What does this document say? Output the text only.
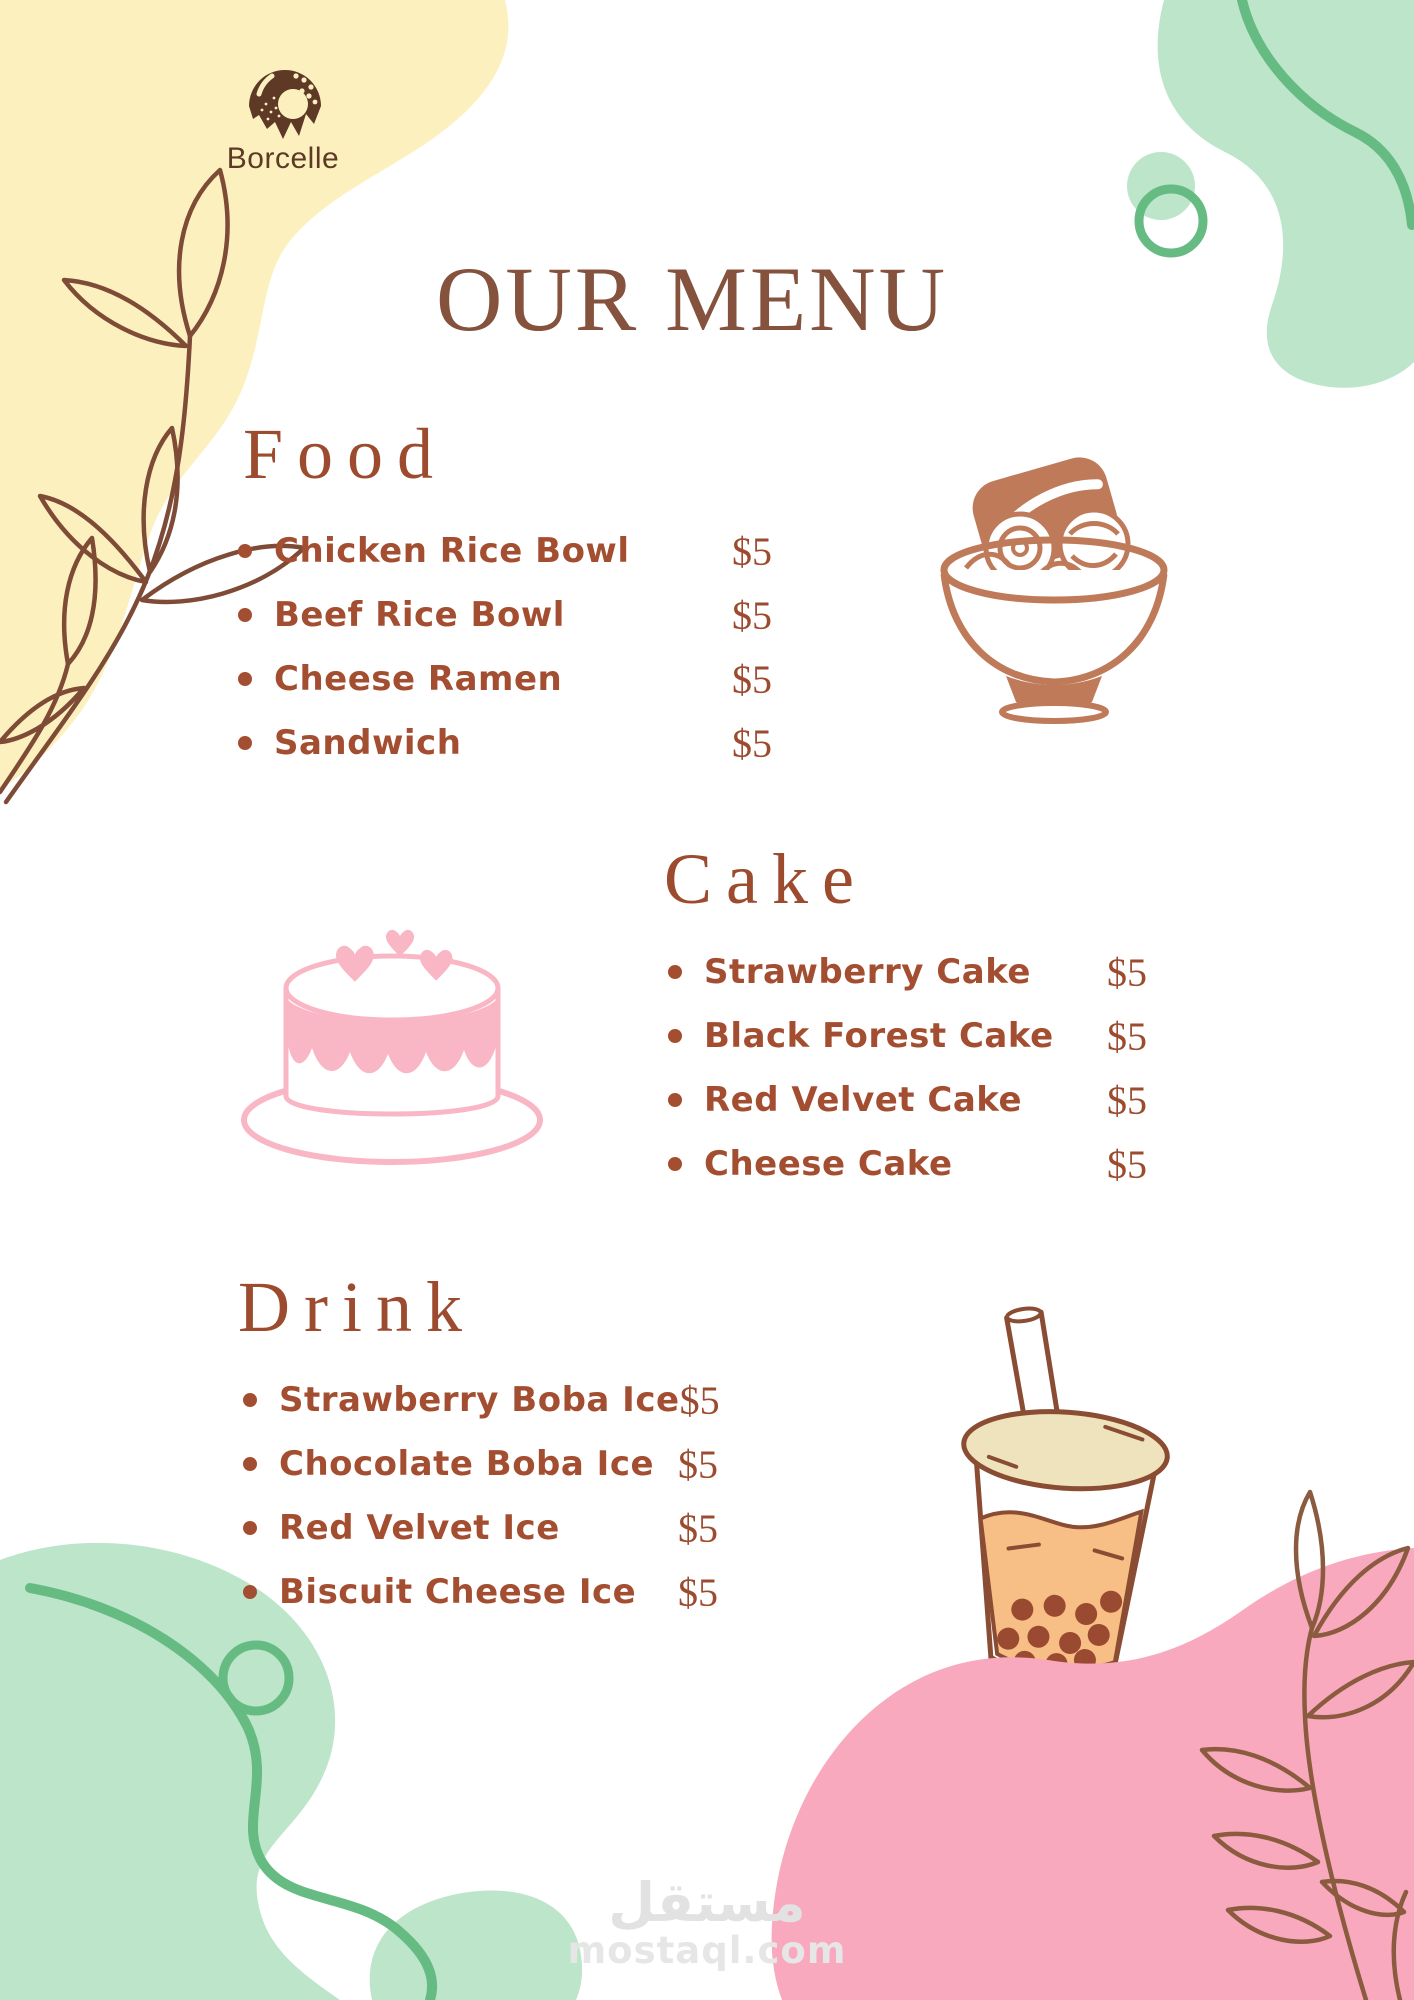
Borcelle
OUR MENU
Food
Chicken Rice Bowl	$5
Beef Rice Bowl	$5
Cheese Ramen	$5
Sandwich	$5
Cake
Strawberry Cake	$5
Black Forest Cake	$5
Red Velvet Cake	$5
Cheese Cake	$5
Drink
Strawberry Boba Ice $5
Chocolate Boba Ice $5
Red Velvet Ice	$5
Biscuit Cheese Ice	$5
مستقل
mostaql.com
